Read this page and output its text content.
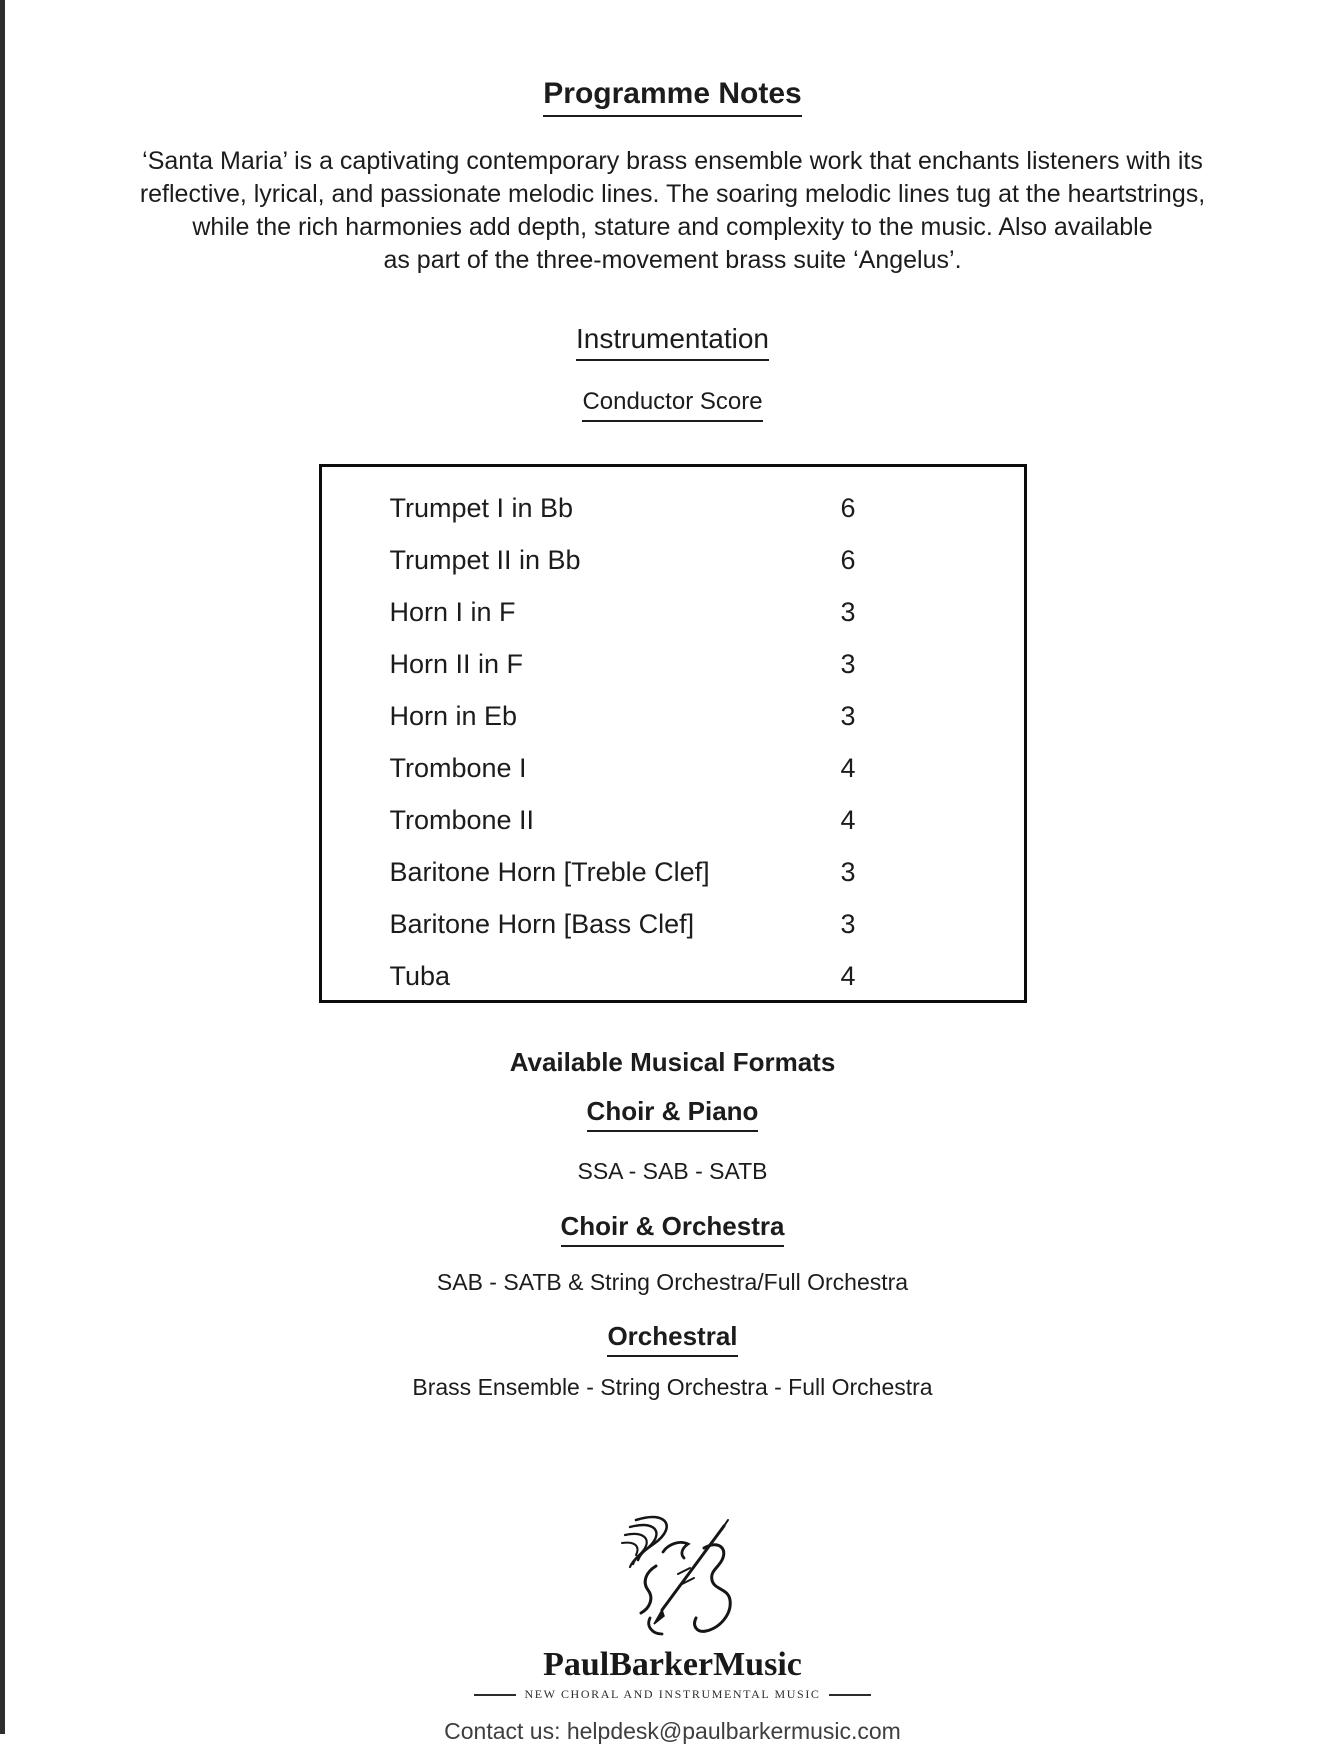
Programme Notes
‘Santa Maria’ is a captivating contemporary brass ensemble work that enchants listeners with its
reflective, lyrical, and passionate melodic lines. The soaring melodic lines tug at the heartstrings,
while the rich harmonies add depth, stature and complexity to the music. Also available
as part of the three-movement brass suite ‘Angelus’.
Instrumentation
Conductor Score
Trumpet I in Bb	6
Trumpet II in Bb	6
Horn I in F	3
Horn II in F	3
Horn in Eb	3
Trombone I	4
Trombone II	4
Baritone Horn [Treble Clef]	3
Baritone Horn [Bass Clef]	3
Tuba	4
Available Musical Formats
Choir & Piano
SSA - SAB - SATB
Choir & Orchestra
SAB - SATB & String Orchestra/Full Orchestra
Orchestral
Brass Ensemble - String Orchestra - Full Orchestra
PaulBarkerMusic
NEW CHORAL AND INSTRUMENTAL MUSIC
Contact us: helpdesk@paulbarkermusic.com
